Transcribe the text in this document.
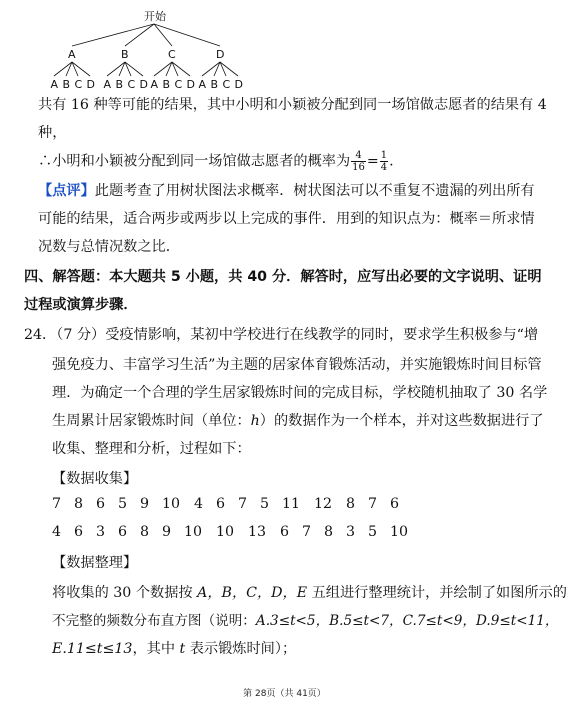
开始
A	B	C	D
A B C D A B C D A B C D A B C D
共有 16 种等可能的结果，其中小明和小颖被分配到同一场馆做志愿者的结果有 4
种，
∴小明和小颖被分配到同一场馆做志愿者的概率为 $\frac{4}{16} = \frac{1}{4}$ .
【点评】此题考查了用树状图法求概率．树状图法可以不重复不遗漏的列出所有
可能的结果，适合两步或两步以上完成的事件．用到的知识点为：概率＝所求情
况数与总情况数之比．
四、解答题：本大题共 5 小题，共 40 分．解答时，应写出必要的文字说明、证明
过程或演算步骤．
24．（7 分）受疫情影响，某初中学校进行在线教学的同时，要求学生积极参与“增
强免疫力、丰富学习生活”为主题的居家体育锻炼活动，并实施锻炼时间目标管
理．为确定一个合理的学生居家锻炼时间的完成目标，学校随机抽取了 30 名学
生周累计居家锻炼时间（单位：h）的数据作为一个样本，并对这些数据进行了
收集、整理和分析，过程如下：
【数据收集】
7 8 6 5 9 10 4 6 7 5 11 12 8 7 6
4 6 3 6 8 9 10 10 13 6 7 8 3 5 10
【数据整理】
将收集的 30 个数据按 A，B，C，D，E 五组进行整理统计，并绘制了如图所示的
不完整的频数分布直方图（说明：A.3≤t<5，B.5≤t<7，C.7≤t<9，D.9≤t<11，
E.11≤t≤13，其中 t 表示锻炼时间）；
第 28页（共 41页）
